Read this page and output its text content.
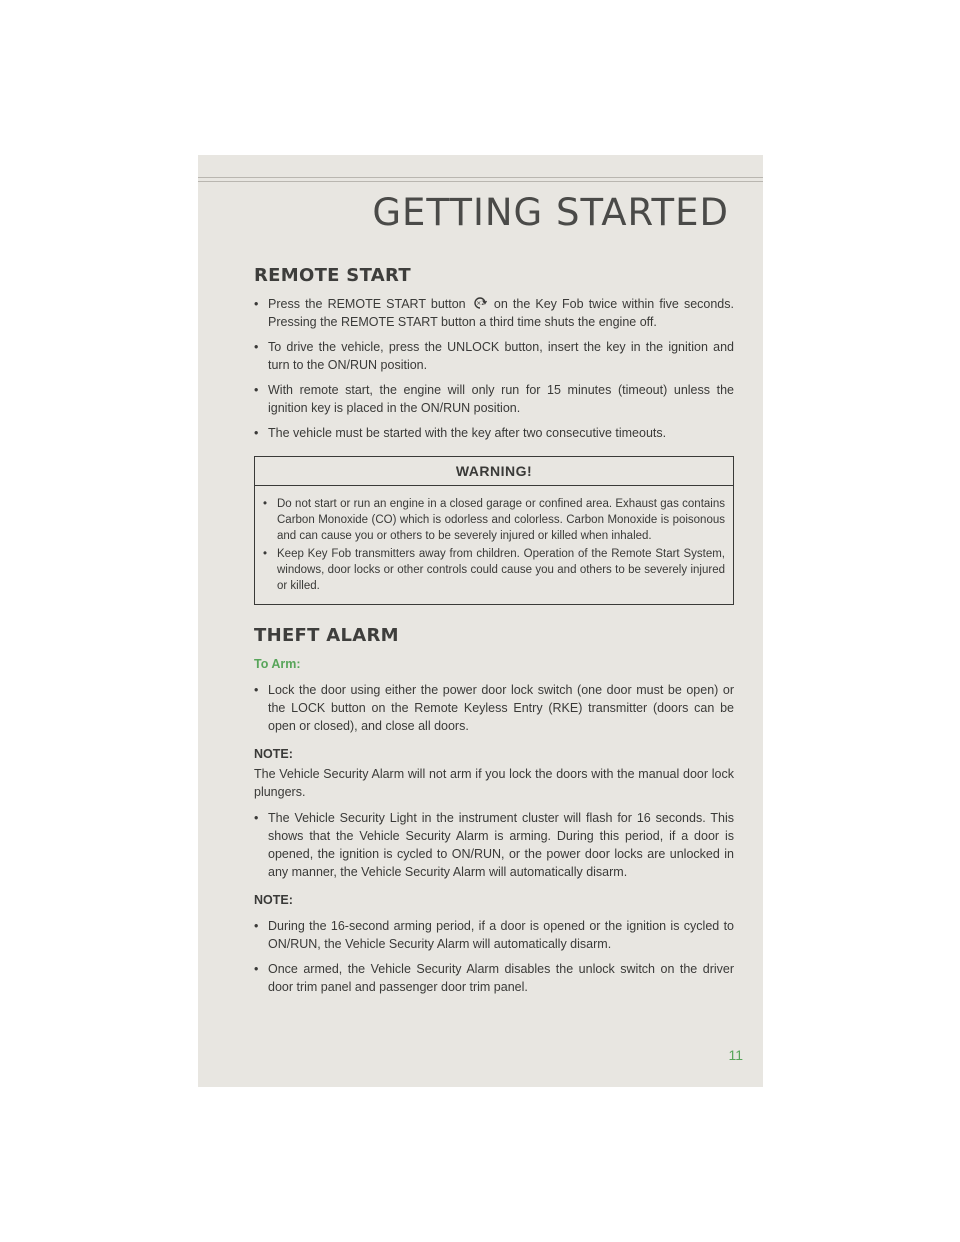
GETTING STARTED
REMOTE START
• Press the REMOTE START button ×2 on the Key Fob twice within five seconds. Pressing the REMOTE START button a third time shuts the engine off.
• To drive the vehicle, press the UNLOCK button, insert the key in the ignition and turn to the ON/RUN position.
• With remote start, the engine will only run for 15 minutes (timeout) unless the ignition key is placed in the ON/RUN position.
• The vehicle must be started with the key after two consecutive timeouts.
WARNING!
• Do not start or run an engine in a closed garage or confined area. Exhaust gas contains Carbon Monoxide (CO) which is odorless and colorless. Carbon Monoxide is poisonous and can cause you or others to be severely injured or killed when inhaled.
• Keep Key Fob transmitters away from children. Operation of the Remote Start System, windows, door locks or other controls could cause you and others to be severely injured or killed.
THEFT ALARM
To Arm:
• Lock the door using either the power door lock switch (one door must be open) or the LOCK button on the Remote Keyless Entry (RKE) transmitter (doors can be open or closed), and close all doors.
NOTE:
The Vehicle Security Alarm will not arm if you lock the doors with the manual door lock plungers.
• The Vehicle Security Light in the instrument cluster will flash for 16 seconds. This shows that the Vehicle Security Alarm is arming. During this period, if a door is opened, the ignition is cycled to ON/RUN, or the power door locks are unlocked in any manner, the Vehicle Security Alarm will automatically disarm.
NOTE:
• During the 16-second arming period, if a door is opened or the ignition is cycled to ON/RUN, the Vehicle Security Alarm will automatically disarm.
• Once armed, the Vehicle Security Alarm disables the unlock switch on the driver door trim panel and passenger door trim panel.
11
